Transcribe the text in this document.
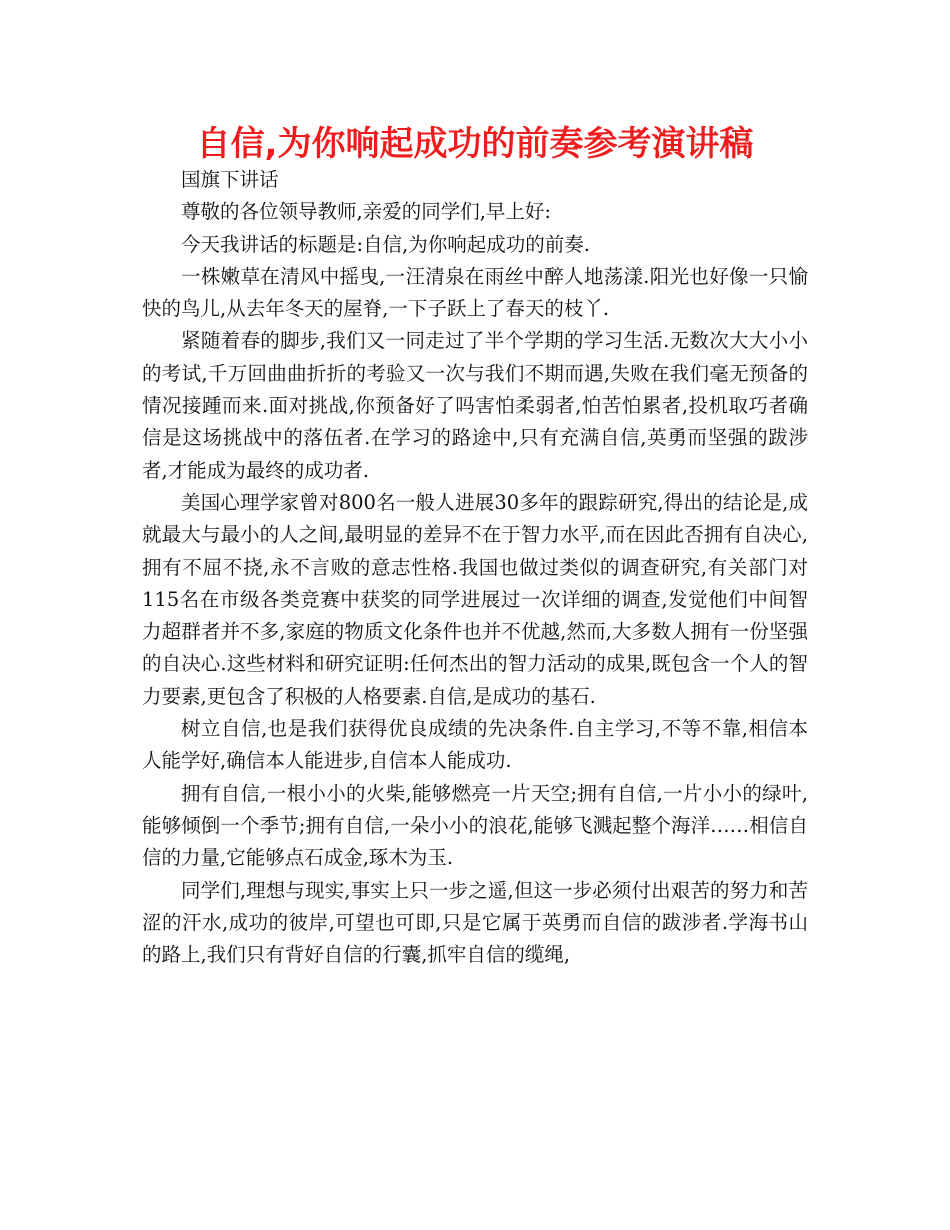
自信,为你响起成功的前奏参考演讲稿

国旗下讲话

尊敬的各位领导教师,亲爱的同学们,早上好:

今天我讲话的标题是:自信,为你响起成功的前奏.

一株嫩草在清风中摇曳,一汪清泉在雨丝中醉人地荡漾.阳光也好像一只愉快的鸟儿,从去年冬天的屋脊,一下子跃上了春天的枝丫.

紧随着春的脚步,我们又一同走过了半个学期的学习生活.无数次大大小小的考试,千万回曲曲折折的考验又一次与我们不期而遇,失败在我们毫无预备的情况接踵而来.面对挑战,你预备好了吗害怕柔弱者,怕苦怕累者,投机取巧者确信是这场挑战中的落伍者.在学习的路途中,只有充满自信,英勇而坚强的跋涉者,才能成为最终的成功者.

美国心理学家曾对800名一般人进展30多年的跟踪研究,得出的结论是,成就最大与最小的人之间,最明显的差异不在于智力水平,而在因此否拥有自决心,拥有不屈不挠,永不言败的意志性格.我国也做过类似的调查研究,有关部门对115名在市级各类竞赛中获奖的同学进展过一次详细的调查,发觉他们中间智力超群者并不多,家庭的物质文化条件也并不优越,然而,大多数人拥有一份坚强的自决心.这些材料和研究证明:任何杰出的智力活动的成果,既包含一个人的智力要素,更包含了积极的人格要素.自信,是成功的基石.

树立自信,也是我们获得优良成绩的先决条件.自主学习,不等不靠,相信本人能学好,确信本人能进步,自信本人能成功.

拥有自信,一根小小的火柴,能够燃亮一片天空;拥有自信,一片小小的绿叶,能够倾倒一个季节;拥有自信,一朵小小的浪花,能够飞溅起整个海洋……相信自信的力量,它能够点石成金,琢木为玉.

同学们,理想与现实,事实上只一步之遥,但这一步必须付出艰苦的努力和苦涩的汗水,成功的彼岸,可望也可即,只是它属于英勇而自信的跋涉者.学海书山的路上,我们只有背好自信的行囊,抓牢自信的缆绳,
